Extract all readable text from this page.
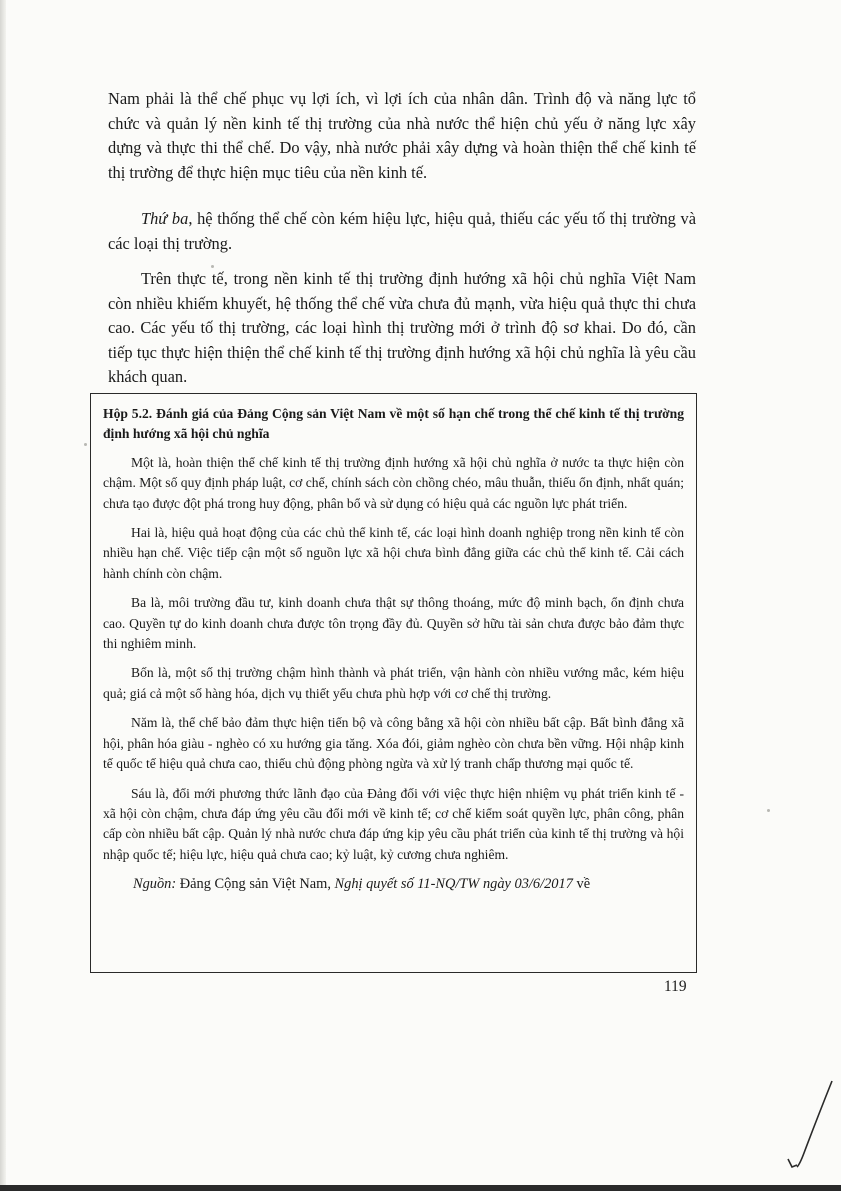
Nam phải là thể chế phục vụ lợi ích, vì lợi ích của nhân dân. Trình độ và năng lực tổ chức và quản lý nền kinh tế thị trường của nhà nước thể hiện chủ yếu ở năng lực xây dựng và thực thi thể chế. Do vậy, nhà nước phải xây dựng và hoàn thiện thể chế kinh tế thị trường để thực hiện mục tiêu của nền kinh tế.

Thứ ba, hệ thống thể chế còn kém hiệu lực, hiệu quả, thiếu các yếu tố thị trường và các loại thị trường.

Trên thực tế, trong nền kinh tế thị trường định hướng xã hội chủ nghĩa Việt Nam còn nhiều khiếm khuyết, hệ thống thể chế vừa chưa đủ mạnh, vừa hiệu quả thực thi chưa cao. Các yếu tố thị trường, các loại hình thị trường mới ở trình độ sơ khai. Do đó, cần tiếp tục thực hiện thiện thể chế kinh tế thị trường định hướng xã hội chủ nghĩa là yêu cầu khách quan.

Hộp 5.2. Đánh giá của Đảng Cộng sản Việt Nam về một số hạn chế trong thể chế kinh tế thị trường định hướng xã hội chủ nghĩa

Một là, hoàn thiện thể chế kinh tế thị trường định hướng xã hội chủ nghĩa ở nước ta thực hiện còn chậm. Một số quy định pháp luật, cơ chế, chính sách còn chồng chéo, mâu thuẫn, thiếu ổn định, nhất quán; chưa tạo được đột phá trong huy động, phân bổ và sử dụng có hiệu quả các nguồn lực phát triển.

Hai là, hiệu quả hoạt động của các chủ thể kinh tế, các loại hình doanh nghiệp trong nền kinh tế còn nhiều hạn chế. Việc tiếp cận một số nguồn lực xã hội chưa bình đẳng giữa các chủ thể kinh tế. Cải cách hành chính còn chậm.

Ba là, môi trường đầu tư, kinh doanh chưa thật sự thông thoáng, mức độ minh bạch, ổn định chưa cao. Quyền tự do kinh doanh chưa được tôn trọng đầy đủ. Quyền sở hữu tài sản chưa được bảo đảm thực thi nghiêm minh.

Bốn là, một số thị trường chậm hình thành và phát triển, vận hành còn nhiều vướng mắc, kém hiệu quả; giá cả một số hàng hóa, dịch vụ thiết yếu chưa phù hợp với cơ chế thị trường.

Năm là, thể chế bảo đảm thực hiện tiến bộ và công bằng xã hội còn nhiều bất cập. Bất bình đẳng xã hội, phân hóa giàu - nghèo có xu hướng gia tăng. Xóa đói, giảm nghèo còn chưa bền vững. Hội nhập kinh tế quốc tế hiệu quả chưa cao, thiếu chủ động phòng ngừa và xử lý tranh chấp thương mại quốc tế.

Sáu là, đổi mới phương thức lãnh đạo của Đảng đối với việc thực hiện nhiệm vụ phát triển kinh tế - xã hội còn chậm, chưa đáp ứng yêu cầu đổi mới về kinh tế; cơ chế kiểm soát quyền lực, phân công, phân cấp còn nhiều bất cập. Quản lý nhà nước chưa đáp ứng kịp yêu cầu phát triển của kinh tế thị trường và hội nhập quốc tế; hiệu lực, hiệu quả chưa cao; kỷ luật, kỷ cương chưa nghiêm.

Nguồn: Đảng Cộng sản Việt Nam, Nghị quyết số 11-NQ/TW ngày 03/6/2017 về

119
